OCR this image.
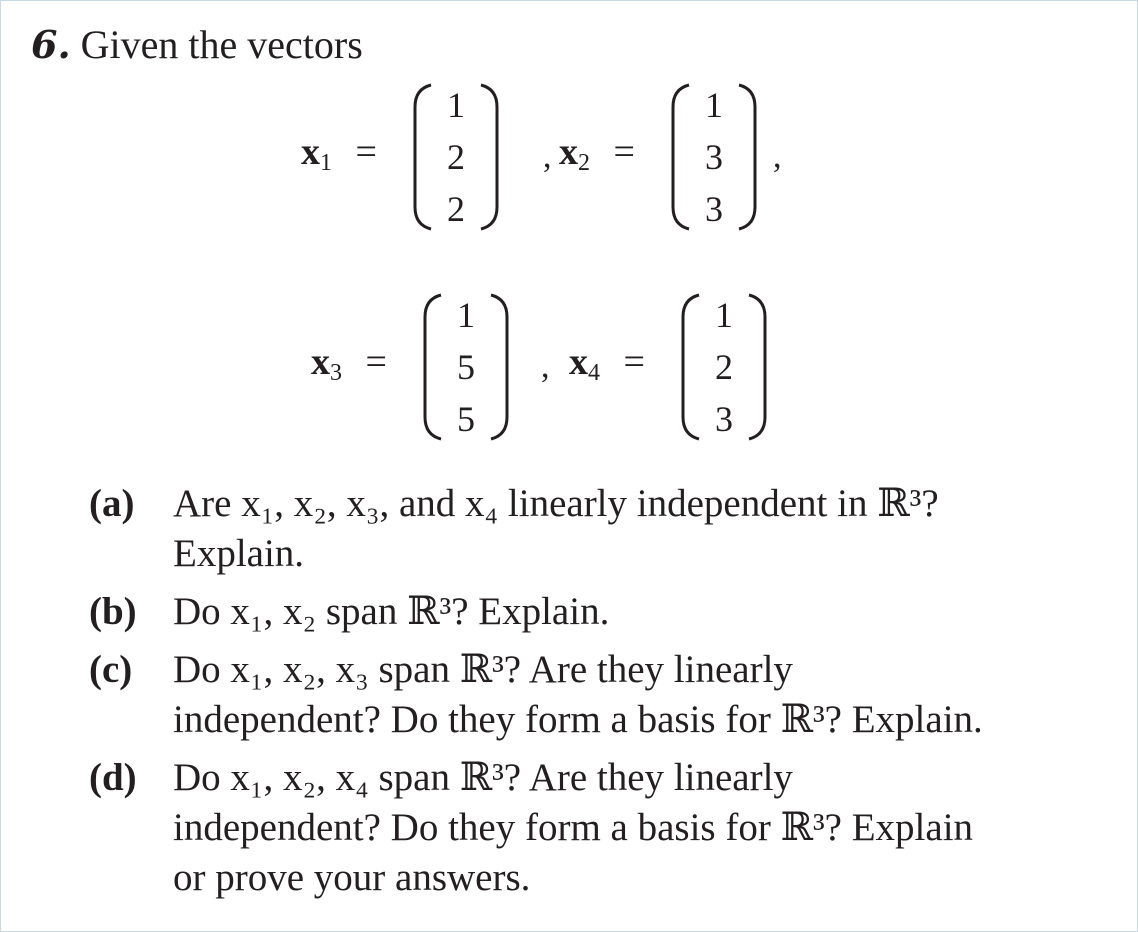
6. Given the vectors
$x_1$ =
1
2
2
, $x_2$ =
1
3
3
,
$x_3$ =
1
5
5
, $x_4$ =
1
2
3
(a) Are x₁, x₂, x₃, and x₄ linearly independent in ℝ³? Explain.
(b) Do x₁, x₂ span ℝ³? Explain.
(c)	Do x₁, x₂, x₃ span ℝ³? Are they linearly independent? Do they form a basis for ℝ³? Explain.
(d) Do x₁, x₂, x₄ span ℝ³? Are they linearly independent? Do they form a basis for ℝ³? Explain or prove your answers.
